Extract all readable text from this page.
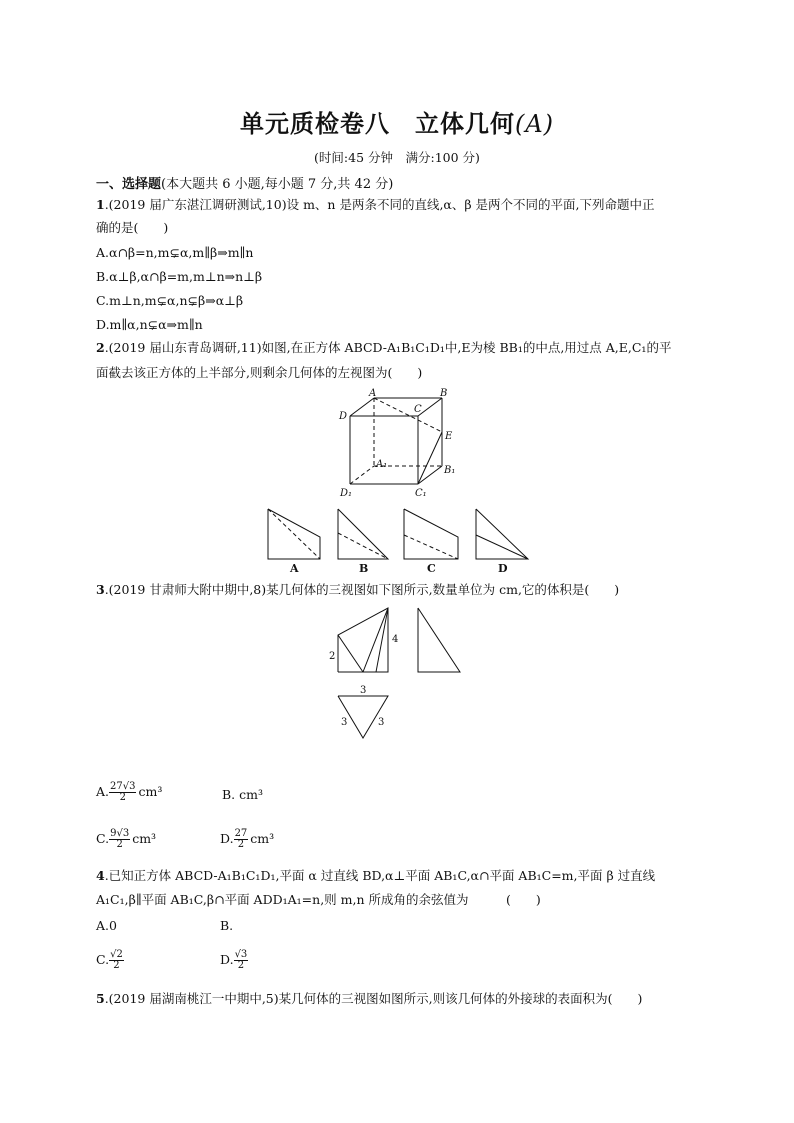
单元质检卷八　立体几何(A)
(时间:45 分钟　满分:100 分)
一、选择题(本大题共 6 小题,每小题 7 分,共 42 分)
1.(2019 届广东湛江调研测试,10)设 m、n 是两条不同的直线,α、β 是两个不同的平面,下列命题中正
确的是(　　)
A.α∩β=n,m⊊α,m∥β⇒m∥n
B.α⊥β,α∩β=m,m⊥n⇒n⊥β
C.m⊥n,m⊊α,n⊊β⇒α⊥β
D.m∥α,n⊊α⇒m∥n
2.(2019 届山东青岛调研,11)如图,在正方体 ABCD-A₁B₁C₁D₁中,E为棱 BB₁的中点,用过点 A,E,C₁的平
面截去该正方体的上半部分,则剩余几何体的左视图为(　　)
D
A	B
C
E
A₁
B₁
C₁
D₁
A	B	C	D
3.(2019 甘肃师大附中期中,8)某几何体的三视图如下图所示,数量单位为 cm,它的体积是(　　)
2
4
3
3	3
A. $\frac{27√3}{2} cm^3$	B. cm³
C. $\frac{9√3}{2} cm^3$	D. $\frac{27}{2} cm^3$
4.已知正方体 ABCD-A₁B₁C₁D₁,平面 α 过直线 BD,α⊥平面 AB₁C,α∩平面 AB₁C=m,平面 β 过直线
A₁C₁,β∥平面 AB₁C,β∩平面 ADD₁A₁=n,则 m,n 所成角的余弦值为　　　(　　)
A.0	B.
C. $\frac{√2}{2}$	D. $\frac{√3}{2}$
5.(2019 届湖南桃江一中期中,5)某几何体的三视图如图所示,则该几何体的外接球的表面积为(　　)
